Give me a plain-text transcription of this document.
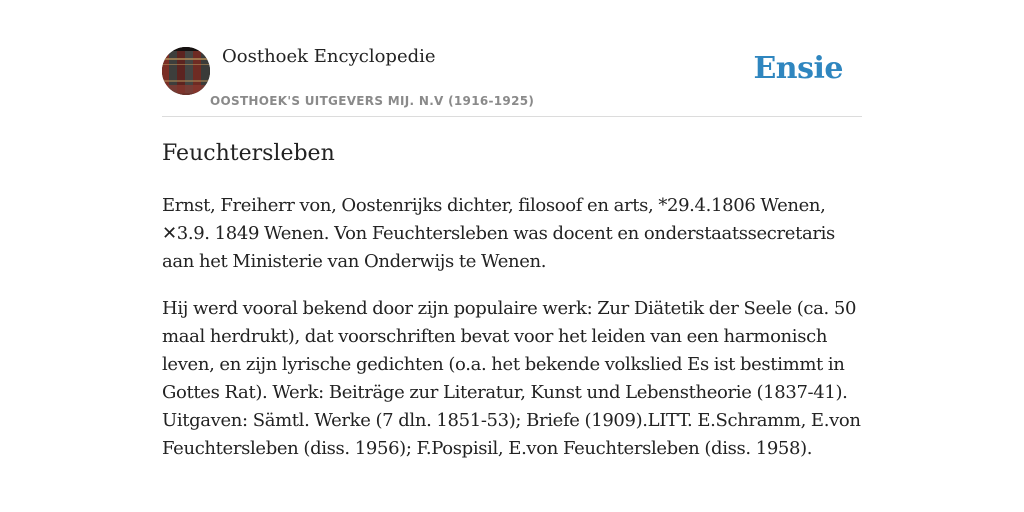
Oosthoek Encyclopedie
OOSTHOEK'S UITGEVERS MIJ. N.V (1916-1925)
Ensie
Feuchtersleben

Ernst, Freiherr von, Oostenrijks dichter, filosoof en arts, *29.4.1806 Wenen, ✕3.9. 1849 Wenen. Von Feuchtersleben was docent en onderstaatssecretaris aan het Ministerie van Onderwijs te Wenen.

Hij werd vooral bekend door zijn populaire werk: Zur Diätetik der Seele (ca. 50 maal herdrukt), dat voorschriften bevat voor het leiden van een harmonisch leven, en zijn lyrische gedichten (o.a. het bekende volkslied Es ist bestimmt in Gottes Rat). Werk: Beiträge zur Literatur, Kunst und Lebenstheorie (1837-41). Uitgaven: Sämtl. Werke (7 dln. 1851-53); Briefe (1909).LITT. E.Schramm, E.von Feuchtersleben (diss. 1956); F.Pospisil, E.von Feuchtersleben (diss. 1958).
